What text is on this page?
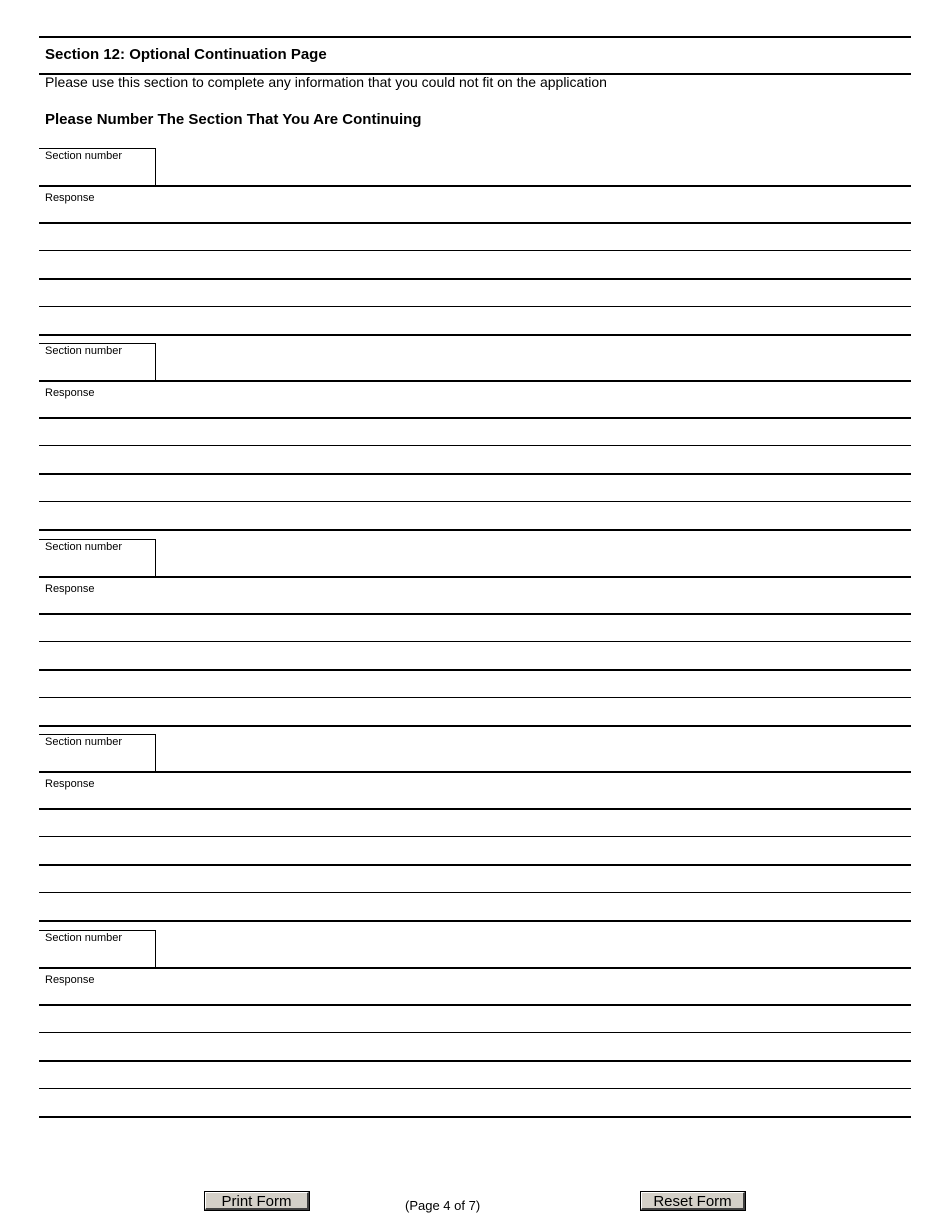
Section 12: Optional Continuation Page

Please use this section to complete any information that you could not fit on the application

Please Number The Section That You Are Continuing
Section number
Response
Section number
Response
Section number
Response
Section number
Response
Section number
Response
Print Form	(Page 4 of 7)	Reset Form
